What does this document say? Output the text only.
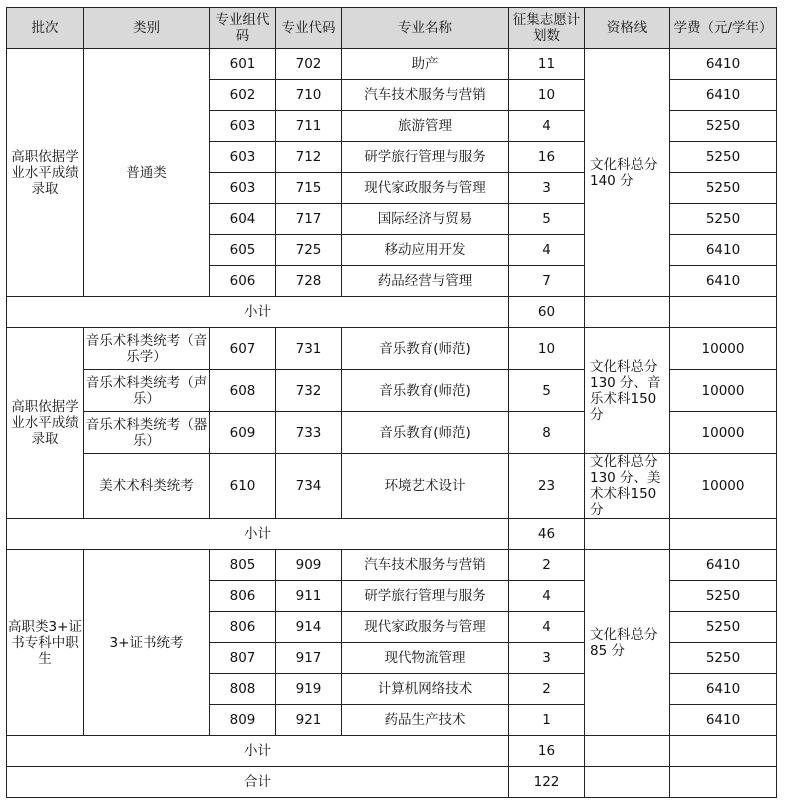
批次	类别	专业组代码	专业代码	专业名称	征集志愿计划数	资格线	学费（元/学年）
高职依据学业水平成绩录取	普通类	601	702	助产	11	文化科总分 140 分	6410
		602	710	汽车技术服务与营销	10		6410
		603	711	旅游管理	4		5250
		603	712	研学旅行管理与服务	16		5250
		603	715	现代家政服务与管理	3		5250
		604	717	国际经济与贸易	5		5250
		605	725	移动应用开发	4		6410
		606	728	药品经营与管理	7		6410
小计					60		
高职依据学业水平成绩录取	音乐术科类统考（音乐学）	607	731	音乐教育(师范)	10	文化科总分 130 分、音乐术科150 分	10000
	音乐术科类统考（声乐）	608	732	音乐教育(师范)	5		10000
	音乐术科类统考（器乐）	609	733	音乐教育(师范)	8		10000
	美术术科类统考	610	734	环境艺术设计	23	文化科总分 130 分、美术术科150 分	10000
小计					46		
高职类3+证书专科中职生	3+证书统考	805	909	汽车技术服务与营销	2	文化科总分 85 分	6410
		806	911	研学旅行管理与服务	4		5250
		806	914	现代家政服务与管理	4		5250
		807	917	现代物流管理	3		5250
		808	919	计算机网络技术	2		6410
		809	921	药品生产技术	1		6410
小计					16		
合计					122		
